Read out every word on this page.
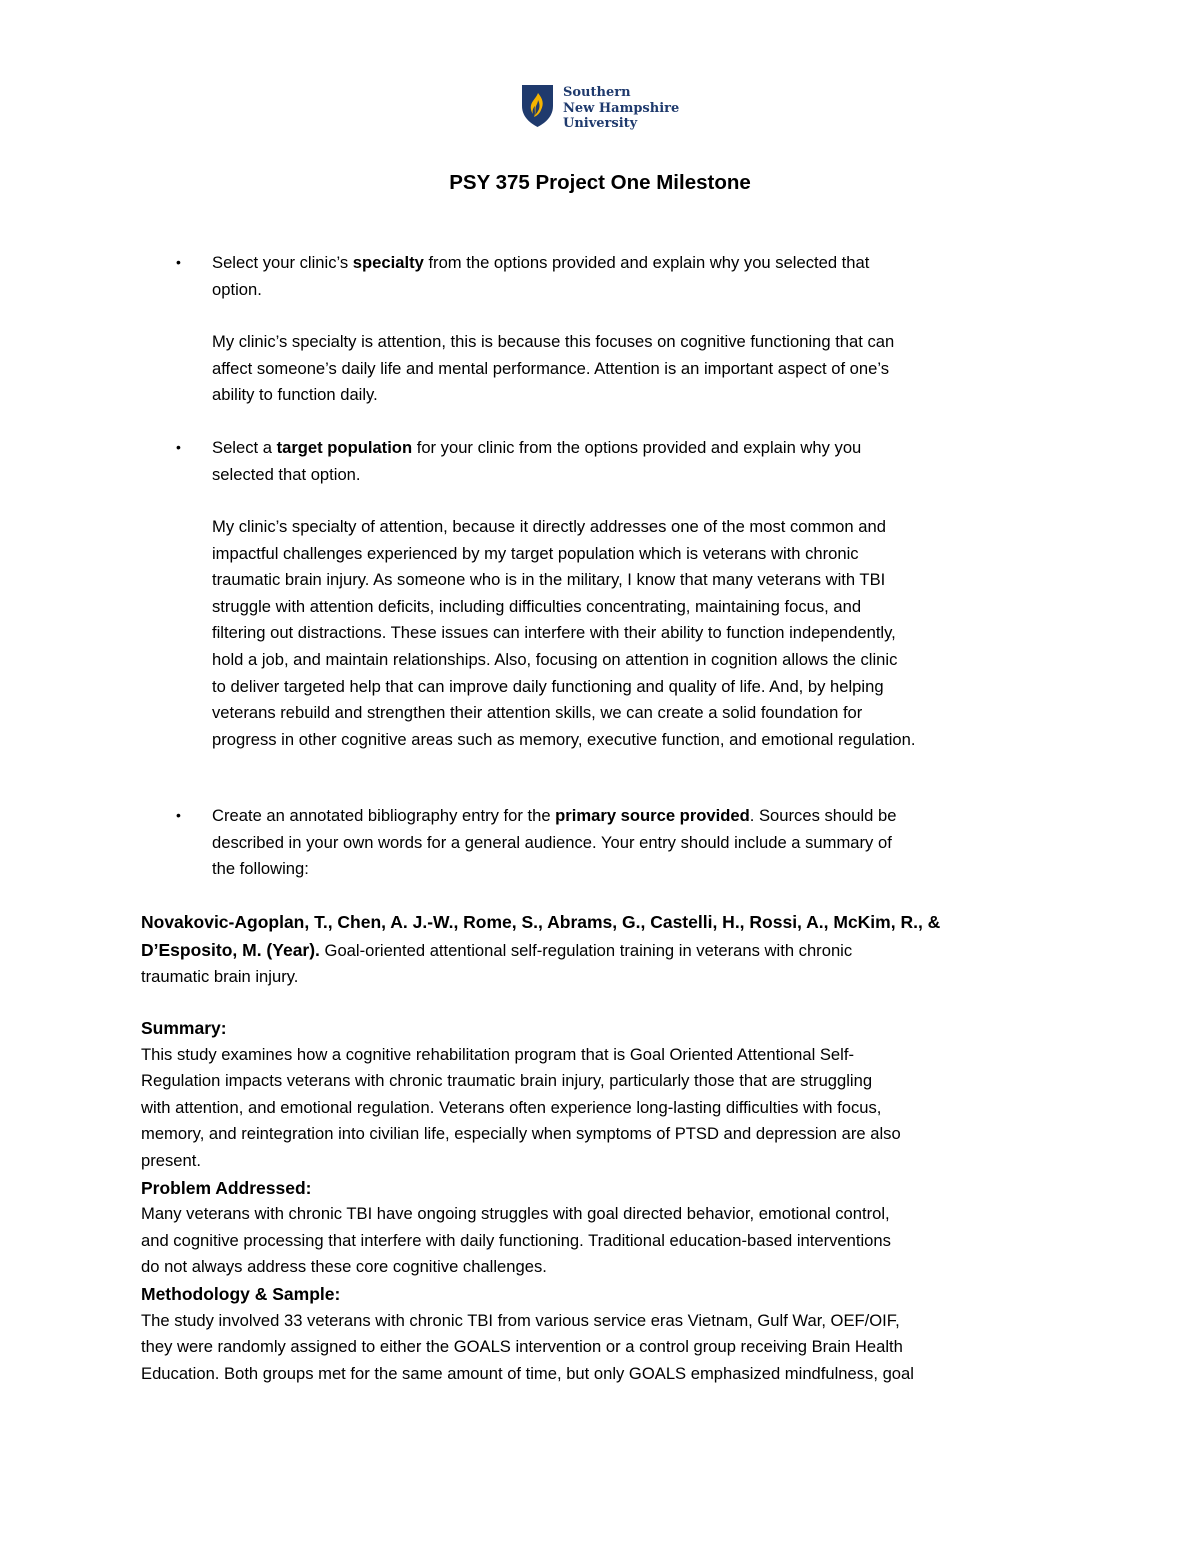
Southern
New Hampshire
University
PSY 375 Project One Milestone
• Select your clinic’s specialty from the options provided and explain why you selected that
option.
My clinic’s specialty is attention, this is because this focuses on cognitive functioning that can
affect someone’s daily life and mental performance. Attention is an important aspect of one’s
ability to function daily.
• Select a target population for your clinic from the options provided and explain why you
selected that option.
My clinic’s specialty of attention, because it directly addresses one of the most common and
impactful challenges experienced by my target population which is veterans with chronic
traumatic brain injury. As someone who is in the military, I know that many veterans with TBI
struggle with attention deficits, including difficulties concentrating, maintaining focus, and
filtering out distractions. These issues can interfere with their ability to function independently,
hold a job, and maintain relationships. Also, focusing on attention in cognition allows the clinic
to deliver targeted help that can improve daily functioning and quality of life. And, by helping
veterans rebuild and strengthen their attention skills, we can create a solid foundation for
progress in other cognitive areas such as memory, executive function, and emotional regulation.
• Create an annotated bibliography entry for the primary source provided. Sources should be
described in your own words for a general audience. Your entry should include a summary of
the following:
Novakovic-Agoplan, T., Chen, A. J.-W., Rome, S., Abrams, G., Castelli, H., Rossi, A., McKim, R., &
D’Esposito, M. (Year). Goal-oriented attentional self-regulation training in veterans with chronic
traumatic brain injury.
Summary:
This study examines how a cognitive rehabilitation program that is Goal Oriented Attentional Self-
Regulation impacts veterans with chronic traumatic brain injury, particularly those that are struggling
with attention, and emotional regulation. Veterans often experience long-lasting difficulties with focus,
memory, and reintegration into civilian life, especially when symptoms of PTSD and depression are also
present.
Problem Addressed:
Many veterans with chronic TBI have ongoing struggles with goal directed behavior, emotional control,
and cognitive processing that interfere with daily functioning. Traditional education-based interventions
do not always address these core cognitive challenges.
Methodology & Sample:
The study involved 33 veterans with chronic TBI from various service eras Vietnam, Gulf War, OEF/OIF,
they were randomly assigned to either the GOALS intervention or a control group receiving Brain Health
Education. Both groups met for the same amount of time, but only GOALS emphasized mindfulness, goal
